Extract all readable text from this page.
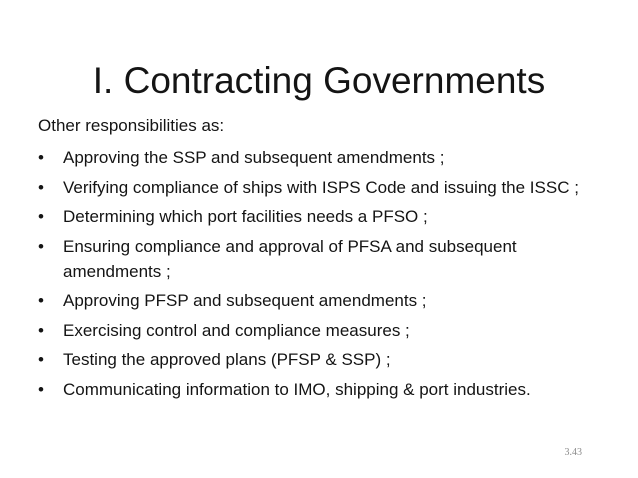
I. Contracting Governments

Other responsibilities as:

• Approving the SSP and subsequent amendments ;
• Verifying compliance of ships with ISPS Code and issuing the ISSC ;
• Determining which port facilities needs a PFSO ;
• Ensuring compliance and approval of PFSA and subsequent amendments ;
• Approving PFSP and subsequent amendments ;
• Exercising control and compliance measures ;
• Testing the approved plans (PFSP & SSP) ;
• Communicating information to IMO, shipping & port industries.
3.43
